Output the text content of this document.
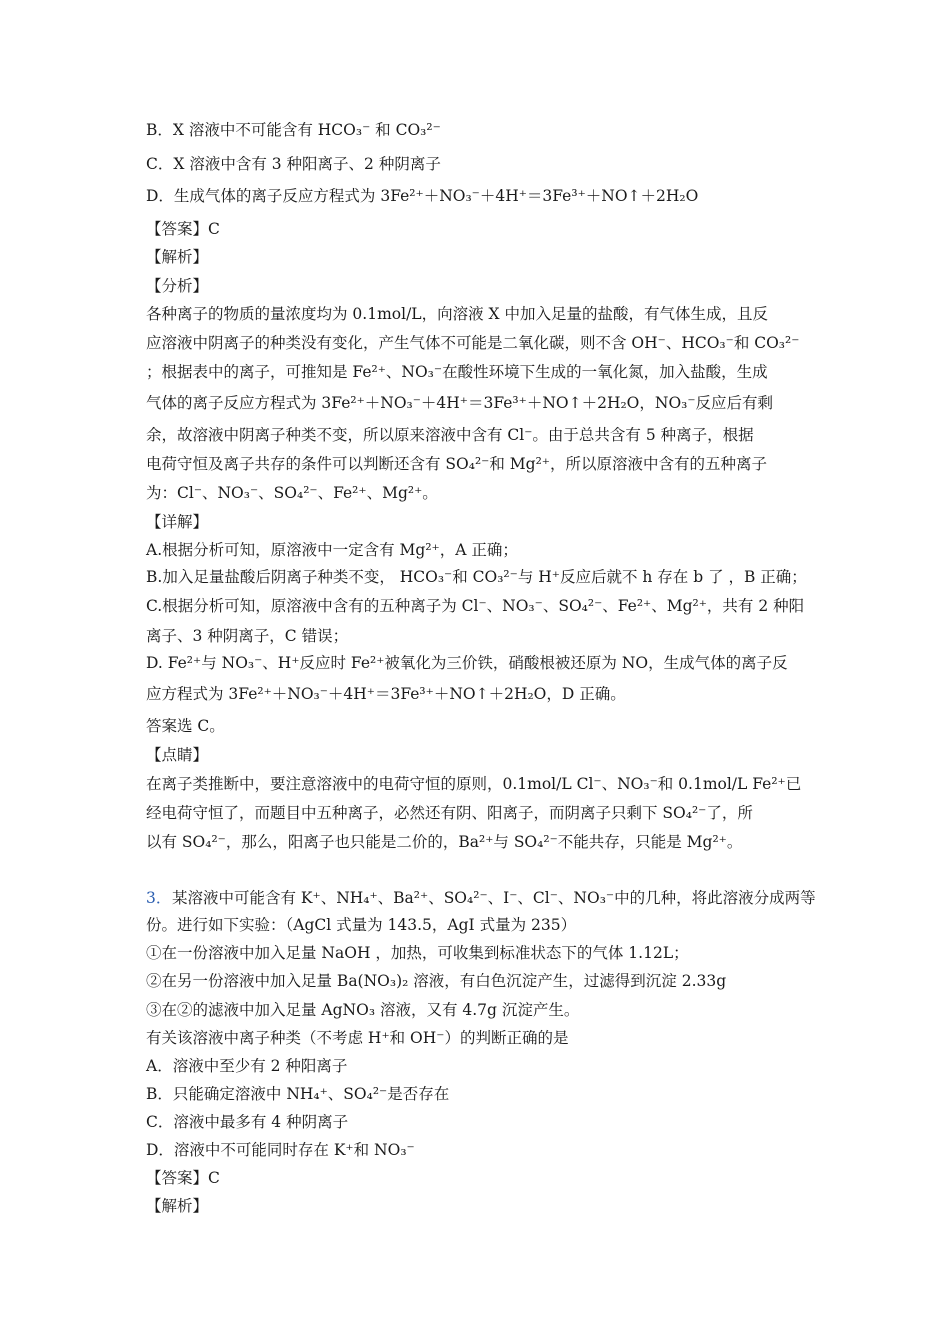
B．X 溶液中不可能含有 HCO₃⁻ 和 CO₃²⁻
C．X 溶液中含有 3 种阳离子、2 种阴离子
D．生成气体的离子反应方程式为 3Fe²⁺＋NO₃⁻＋4H⁺＝3Fe³⁺＋NO↑＋2H₂O
【答案】C
【解析】
【分析】
各种离子的物质的量浓度均为 0.1mol/L，向溶液 X 中加入足量的盐酸，有气体生成，且反
应溶液中阴离子的种类没有变化，产生气体不可能是二氧化碳，则不含 OH⁻、HCO₃⁻和 CO₃²⁻
；根据表中的离子，可推知是 Fe²⁺、NO₃⁻在酸性环境下生成的一氧化氮，加入盐酸，生成
气体的离子反应方程式为 3Fe²⁺＋NO₃⁻＋4H⁺＝3Fe³⁺＋NO↑＋2H₂O，NO₃⁻反应后有剩
余，故溶液中阴离子种类不变，所以原来溶液中含有 Cl⁻。由于总共含有 5 种离子，根据
电荷守恒及离子共存的条件可以判断还含有 SO₄²⁻和 Mg²⁺，所以原溶液中含有的五种离子
为：Cl⁻、NO₃⁻、SO₄²⁻、Fe²⁺、Mg²⁺。
【详解】
A.根据分析可知，原溶液中一定含有 Mg²⁺，A 正确；
B.加入足量盐酸后阴离子种类不变， HCO₃⁻和 CO₃²⁻与 H⁺反应后就不 h 存在 b 了 ，B 正确；
C.根据分析可知，原溶液中含有的五种离子为 Cl⁻、NO₃⁻、SO₄²⁻、Fe²⁺、Mg²⁺，共有 2 种阳
离子、3 种阴离子，C 错误；
D. Fe²⁺与 NO₃⁻、H⁺反应时 Fe²⁺被氧化为三价铁，硝酸根被还原为 NO，生成气体的离子反
应方程式为 3Fe²⁺＋NO₃⁻＋4H⁺＝3Fe³⁺＋NO↑＋2H₂O，D 正确。
答案选 C。
【点睛】
在离子类推断中，要注意溶液中的电荷守恒的原则，0.1mol/L Cl⁻、NO₃⁻和 0.1mol/L Fe²⁺已
经电荷守恒了，而题目中五种离子，必然还有阴、阳离子，而阴离子只剩下 SO₄²⁻了，所
以有 SO₄²⁻，那么，阳离子也只能是二价的，Ba²⁺与 SO₄²⁻不能共存，只能是 Mg²⁺。
3． 某溶液中可能含有 K⁺、NH₄⁺、Ba²⁺、SO₄²⁻、I⁻、Cl⁻、NO₃⁻中的几种，将此溶液分成两等
份。进行如下实验：（AgCl 式量为 143.5，AgI 式量为 235）
①在一份溶液中加入足量 NaOH ，加热，可收集到标准状态下的气体 1.12L；
②在另一份溶液中加入足量 Ba(NO₃)₂ 溶液，有白色沉淀产生，过滤得到沉淀 2.33g
③在②的滤液中加入足量 AgNO₃ 溶液，又有 4.7g 沉淀产生。
有关该溶液中离子种类（不考虑 H⁺和 OH⁻）的判断正确的是
A．溶液中至少有 2 种阳离子
B．只能确定溶液中 NH₄⁺、SO₄²⁻是否存在
C．溶液中最多有 4 种阴离子
D．溶液中不可能同时存在 K⁺和 NO₃⁻
【答案】C
【解析】
